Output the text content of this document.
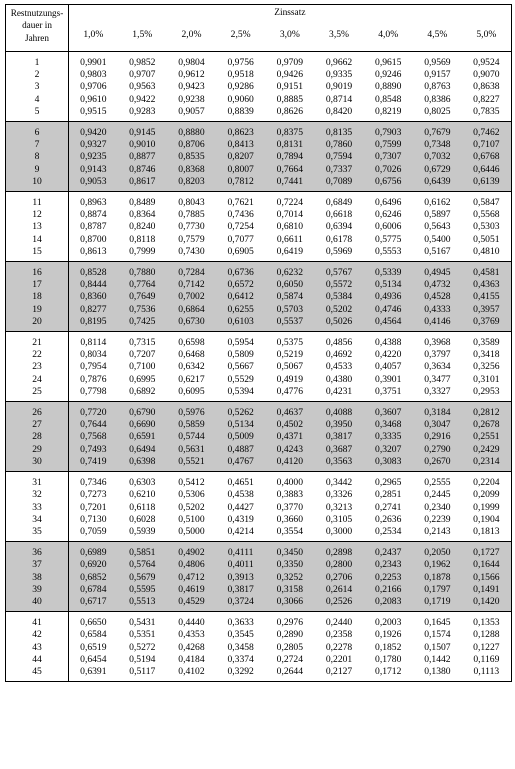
Restnutzungs-
dauer in
Jahren	Zinssatz								
	1,0%	1,5%	2,0%	2,5%	3,0%	3,5%	4,0%	4,5%	5,0%
1	0,9901	0,9852	0,9804	0,9756	0,9709	0,9662	0,9615	0,9569	0,9524
2	0,9803	0,9707	0,9612	0,9518	0,9426	0,9335	0,9246	0,9157	0,9070
3	0,9706	0,9563	0,9423	0,9286	0,9151	0,9019	0,8890	0,8763	0,8638
4	0,9610	0,9422	0,9238	0,9060	0,8885	0,8714	0,8548	0,8386	0,8227
5	0,9515	0,9283	0,9057	0,8839	0,8626	0,8420	0,8219	0,8025	0,7835
6	0,9420	0,9145	0,8880	0,8623	0,8375	0,8135	0,7903	0,7679	0,7462
7	0,9327	0,9010	0,8706	0,8413	0,8131	0,7860	0,7599	0,7348	0,7107
8	0,9235	0,8877	0,8535	0,8207	0,7894	0,7594	0,7307	0,7032	0,6768
9	0,9143	0,8746	0,8368	0,8007	0,7664	0,7337	0,7026	0,6729	0,6446
10	0,9053	0,8617	0,8203	0,7812	0,7441	0,7089	0,6756	0,6439	0,6139
11	0,8963	0,8489	0,8043	0,7621	0,7224	0,6849	0,6496	0,6162	0,5847
12	0,8874	0,8364	0,7885	0,7436	0,7014	0,6618	0,6246	0,5897	0,5568
13	0,8787	0,8240	0,7730	0,7254	0,6810	0,6394	0,6006	0,5643	0,5303
14	0,8700	0,8118	0,7579	0,7077	0,6611	0,6178	0,5775	0,5400	0,5051
15	0,8613	0,7999	0,7430	0,6905	0,6419	0,5969	0,5553	0,5167	0,4810
16	0,8528	0,7880	0,7284	0,6736	0,6232	0,5767	0,5339	0,4945	0,4581
17	0,8444	0,7764	0,7142	0,6572	0,6050	0,5572	0,5134	0,4732	0,4363
18	0,8360	0,7649	0,7002	0,6412	0,5874	0,5384	0,4936	0,4528	0,4155
19	0,8277	0,7536	0,6864	0,6255	0,5703	0,5202	0,4746	0,4333	0,3957
20	0,8195	0,7425	0,6730	0,6103	0,5537	0,5026	0,4564	0,4146	0,3769
21	0,8114	0,7315	0,6598	0,5954	0,5375	0,4856	0,4388	0,3968	0,3589
22	0,8034	0,7207	0,6468	0,5809	0,5219	0,4692	0,4220	0,3797	0,3418
23	0,7954	0,7100	0,6342	0,5667	0,5067	0,4533	0,4057	0,3634	0,3256
24	0,7876	0,6995	0,6217	0,5529	0,4919	0,4380	0,3901	0,3477	0,3101
25	0,7798	0,6892	0,6095	0,5394	0,4776	0,4231	0,3751	0,3327	0,2953
26	0,7720	0,6790	0,5976	0,5262	0,4637	0,4088	0,3607	0,3184	0,2812
27	0,7644	0,6690	0,5859	0,5134	0,4502	0,3950	0,3468	0,3047	0,2678
28	0,7568	0,6591	0,5744	0,5009	0,4371	0,3817	0,3335	0,2916	0,2551
29	0,7493	0,6494	0,5631	0,4887	0,4243	0,3687	0,3207	0,2790	0,2429
30	0,7419	0,6398	0,5521	0,4767	0,4120	0,3563	0,3083	0,2670	0,2314
31	0,7346	0,6303	0,5412	0,4651	0,4000	0,3442	0,2965	0,2555	0,2204
32	0,7273	0,6210	0,5306	0,4538	0,3883	0,3326	0,2851	0,2445	0,2099
33	0,7201	0,6118	0,5202	0,4427	0,3770	0,3213	0,2741	0,2340	0,1999
34	0,7130	0,6028	0,5100	0,4319	0,3660	0,3105	0,2636	0,2239	0,1904
35	0,7059	0,5939	0,5000	0,4214	0,3554	0,3000	0,2534	0,2143	0,1813
36	0,6989	0,5851	0,4902	0,4111	0,3450	0,2898	0,2437	0,2050	0,1727
37	0,6920	0,5764	0,4806	0,4011	0,3350	0,2800	0,2343	0,1962	0,1644
38	0,6852	0,5679	0,4712	0,3913	0,3252	0,2706	0,2253	0,1878	0,1566
39	0,6784	0,5595	0,4619	0,3817	0,3158	0,2614	0,2166	0,1797	0,1491
40	0,6717	0,5513	0,4529	0,3724	0,3066	0,2526	0,2083	0,1719	0,1420
41	0,6650	0,5431	0,4440	0,3633	0,2976	0,2440	0,2003	0,1645	0,1353
42	0,6584	0,5351	0,4353	0,3545	0,2890	0,2358	0,1926	0,1574	0,1288
43	0,6519	0,5272	0,4268	0,3458	0,2805	0,2278	0,1852	0,1507	0,1227
44	0,6454	0,5194	0,4184	0,3374	0,2724	0,2201	0,1780	0,1442	0,1169
45	0,6391	0,5117	0,4102	0,3292	0,2644	0,2127	0,1712	0,1380	0,1113
